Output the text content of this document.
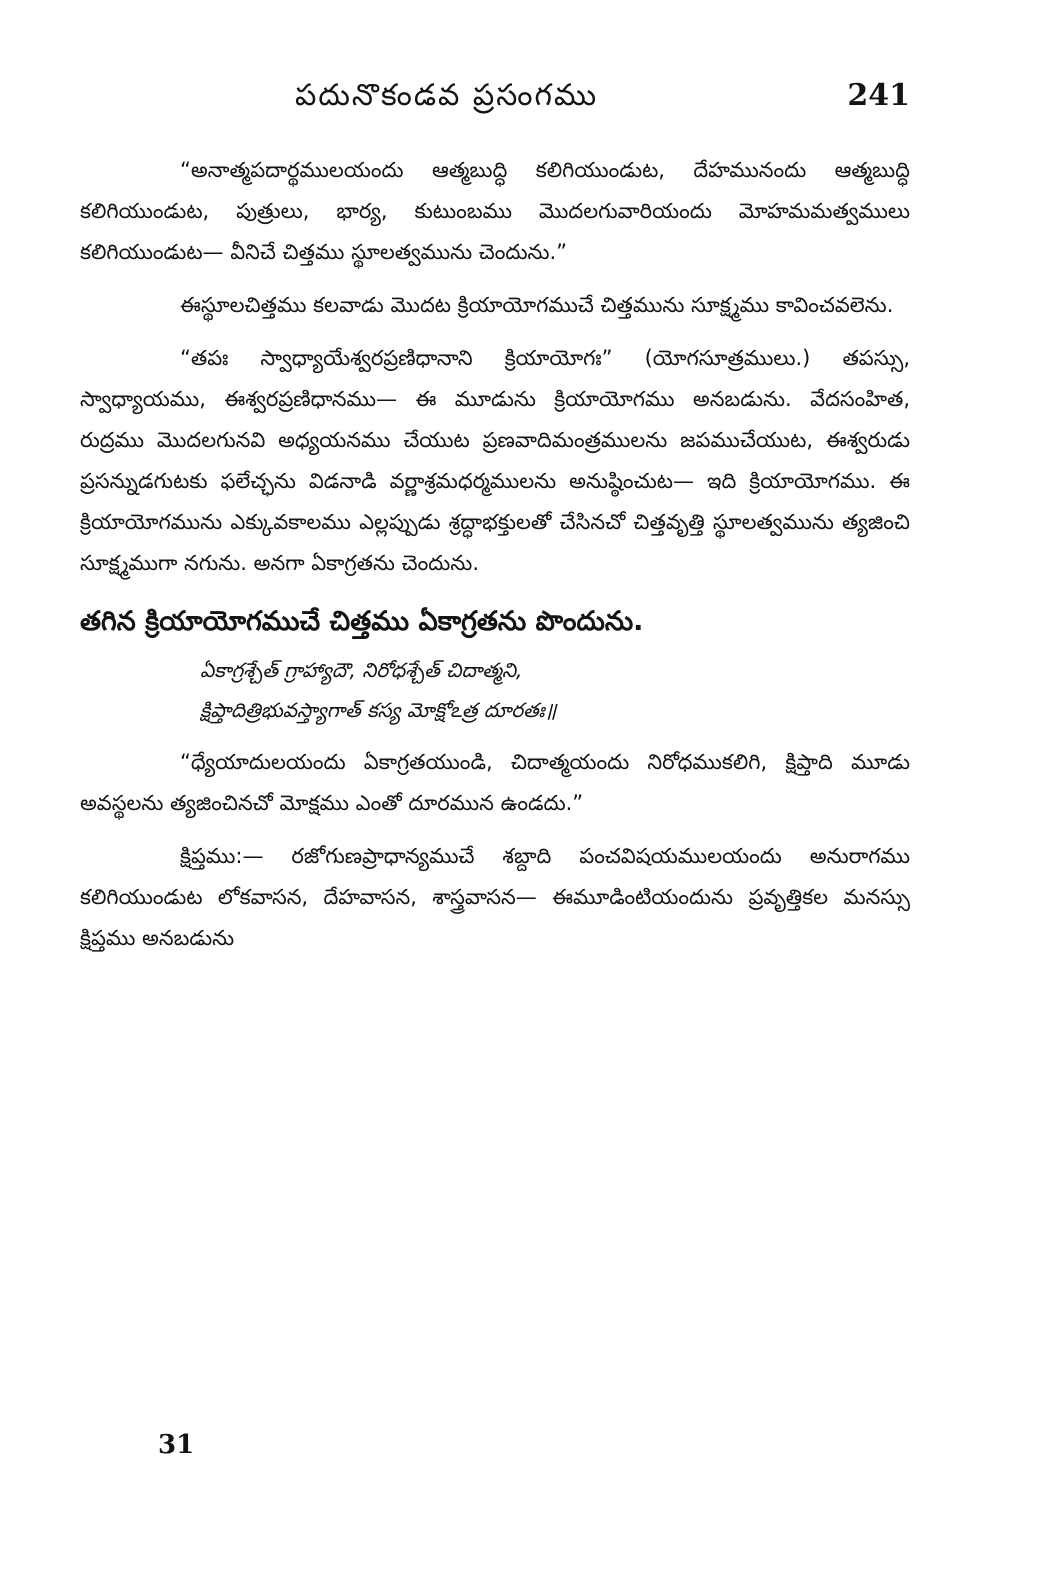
పదునొకండవ ప్రసంగము	241

“అనాత్మపదార్థములయందు ఆత్మబుద్ధి కలిగియుండుట, దేహమునందు ఆత్మబుద్ధి కలిగియుండుట, పుత్రులు, భార్య, కుటుంబము మొదలగువారియందు మోహమమత్వములు కలిగియుండుట— వీనిచే చిత్తము స్థూలత్వమును చెందును.”

ఈస్థూలచిత్తము కలవాడు మొదట క్రియాయోగముచే చిత్తమును సూక్ష్మము కావించవలెను.

“తపః స్వాధ్యాయేశ్వరప్రణిధానాని క్రియాయోగః” (యోగసూత్రములు.) తపస్సు, స్వాధ్యాయము, ఈశ్వరప్రణిధానము— ఈ మూడును క్రియాయోగము అనబడును. వేదసంహిత, రుద్రము మొదలగునవి అధ్యయనము చేయుట ప్రణవాదిమంత్రములను జపముచేయుట, ఈశ్వరుడు ప్రసన్నుడగుటకు ఫలేచ్ఛను విడనాడి వర్ణాశ్రమధర్మములను అనుష్ఠించుట— ఇది క్రియాయోగము. ఈ క్రియాయోగమును ఎక్కువకాలము ఎల్లప్పుడు శ్రద్ధాభక్తులతో చేసినచో చిత్తవృత్తి స్థూలత్వమును త్యజించి సూక్ష్మముగా నగును. అనగా ఏకాగ్రతను చెందును.

తగిన క్రియాయోగముచే చిత్తము ఏకాగ్రతను పొందును.

ఏకాగ్రశ్చేత్ గ్రాహ్యాదౌ, నిరోధశ్చేత్ చిదాత్మని,
క్షిప్తాదిత్రిభువస్త్యాగాత్ కస్య మోక్షోఽత్ర దూరతః॥

“ధ్యేయాదులయందు ఏకాగ్రతయుండి, చిదాత్మయందు నిరోధముకలిగి, క్షిప్తాది మూడు అవస్థలను త్యజించినచో మోక్షము ఎంతో దూరమున ఉండదు.”

క్షిప్తము:— రజోగుణప్రాధాన్యముచే శబ్దాది పంచవిషయములయందు అనురాగము కలిగియుండుట లోకవాసన, దేహవాసన, శాస్త్రవాసన— ఈమూడింటియందును ప్రవృత్తికల మనస్సు క్షిప్తము అనబడును

31
